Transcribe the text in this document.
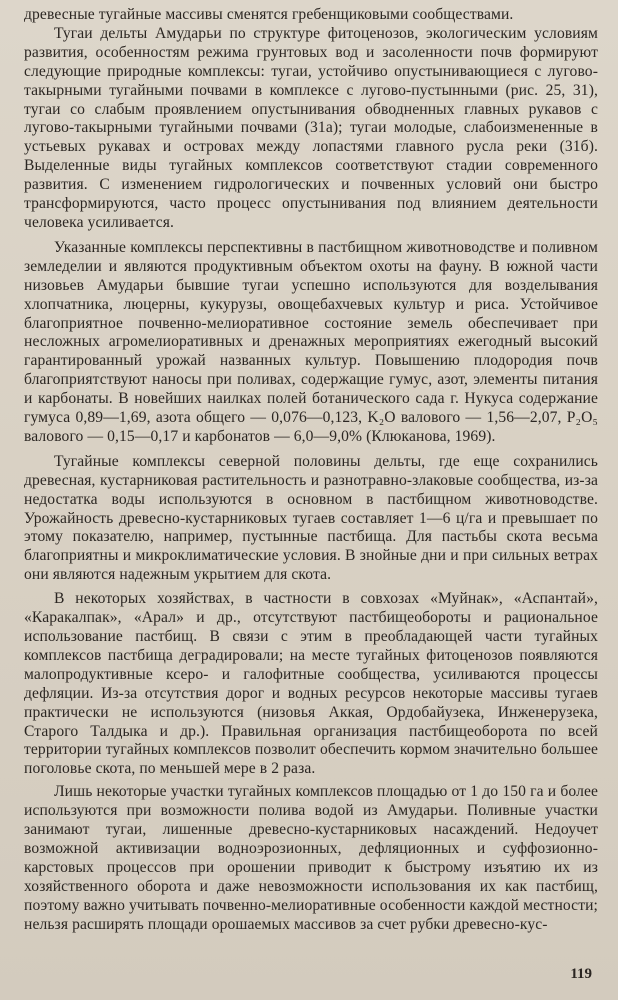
древесные тугайные массивы сменятся гребенщиковыми сообществами.

Тугаи дельты Амударьи по структуре фитоценозов, экологическим условиям развития, особенностям режима грунтовых вод и засоленности почв формируют следующие природные комплексы: тугаи, устойчиво опустынивающиеся с лугово-такырными тугайными почвами в комплексе с лугово-пустынными (рис. 25, 31), тугаи со слабым проявлением опустынивания обводненных главных рукавов с лугово-такырными тугайными почвами (31а); тугаи молодые, слабоизмененные в устьевых рукавах и островах между лопастями главного русла реки (31б). Выделенные виды тугайных комплексов соответствуют стадии современного развития. С изменением гидрологических и почвенных условий они быстро трансформируются, часто процесс опустынивания под влиянием деятельности человека усиливается.

Указанные комплексы перспективны в пастбищном животноводстве и поливном земледелии и являются продуктивным объектом охоты на фауну. В южной части низовьев Амударьи бывшие тугаи успешно используются для возделывания хлопчатника, люцерны, кукурузы, овощебахчевых культур и риса. Устойчивое благоприятное почвенно-мелиоративное состояние земель обеспечивает при несложных агромелиоративных и дренажных мероприятиях ежегодный высокий гарантированный урожай названных культур. Повышению плодородия почв благоприятствуют наносы при поливах, содержащие гумус, азот, элементы питания и карбонаты. В новейших наилках полей ботанического сада г. Нукуса содержание гумуса 0,89—1,69, азота общего — 0,076—0,123, K₂O валового — 1,56—2,07, P₂O₅ валового — 0,15—0,17 и карбонатов — 6,0—9,0% (Клюканова, 1969).

Тугайные комплексы северной половины дельты, где еще сохранились древесная, кустарниковая растительность и разнотравно-злаковые сообщества, из-за недостатка воды используются в основном в пастбищном животноводстве. Урожайность древесно-кустарниковых тугаев составляет 1—6 ц/га и превышает по этому показателю, например, пустынные пастбища. Для пастьбы скота весьма благоприятны и микроклиматические условия. В знойные дни и при сильных ветрах они являются надежным укрытием для скота.

В некоторых хозяйствах, в частности в совхозах «Муйнак», «Аспантай», «Каракалпак», «Арал» и др., отсутствуют пастбищеобороты и рациональное использование пастбищ. В связи с этим в преобладающей части тугайных комплексов пастбища деградировали; на месте тугайных фитоценозов появляются малопродуктивные ксеро- и галофитные сообщества, усиливаются процессы дефляции. Из-за отсутствия дорог и водных ресурсов некоторые массивы тугаев практически не используются (низовья Аккая, Ордобайузека, Инженерузека, Старого Талдыка и др.). Правильная организация пастбищеоборота по всей территории тугайных комплексов позволит обеспечить кормом значительно большее поголовье скота, по меньшей мере в 2 раза.

Лишь некоторые участки тугайных комплексов площадью от 1 до 150 га и более используются при возможности полива водой из Амударьи. Поливные участки занимают тугаи, лишенные древесно-кустарниковых насаждений. Недоучет возможной активизации водноэрозионных, дефляционных и суффозионно-карстовых процессов при орошении приводит к быстрому изъятию их из хозяйственного оборота и даже невозможности использования их как пастбищ, поэтому важно учитывать почвенно-мелиоративные особенности каждой местности; нельзя расширять площади орошаемых массивов за счет рубки древесно-кус-

119
